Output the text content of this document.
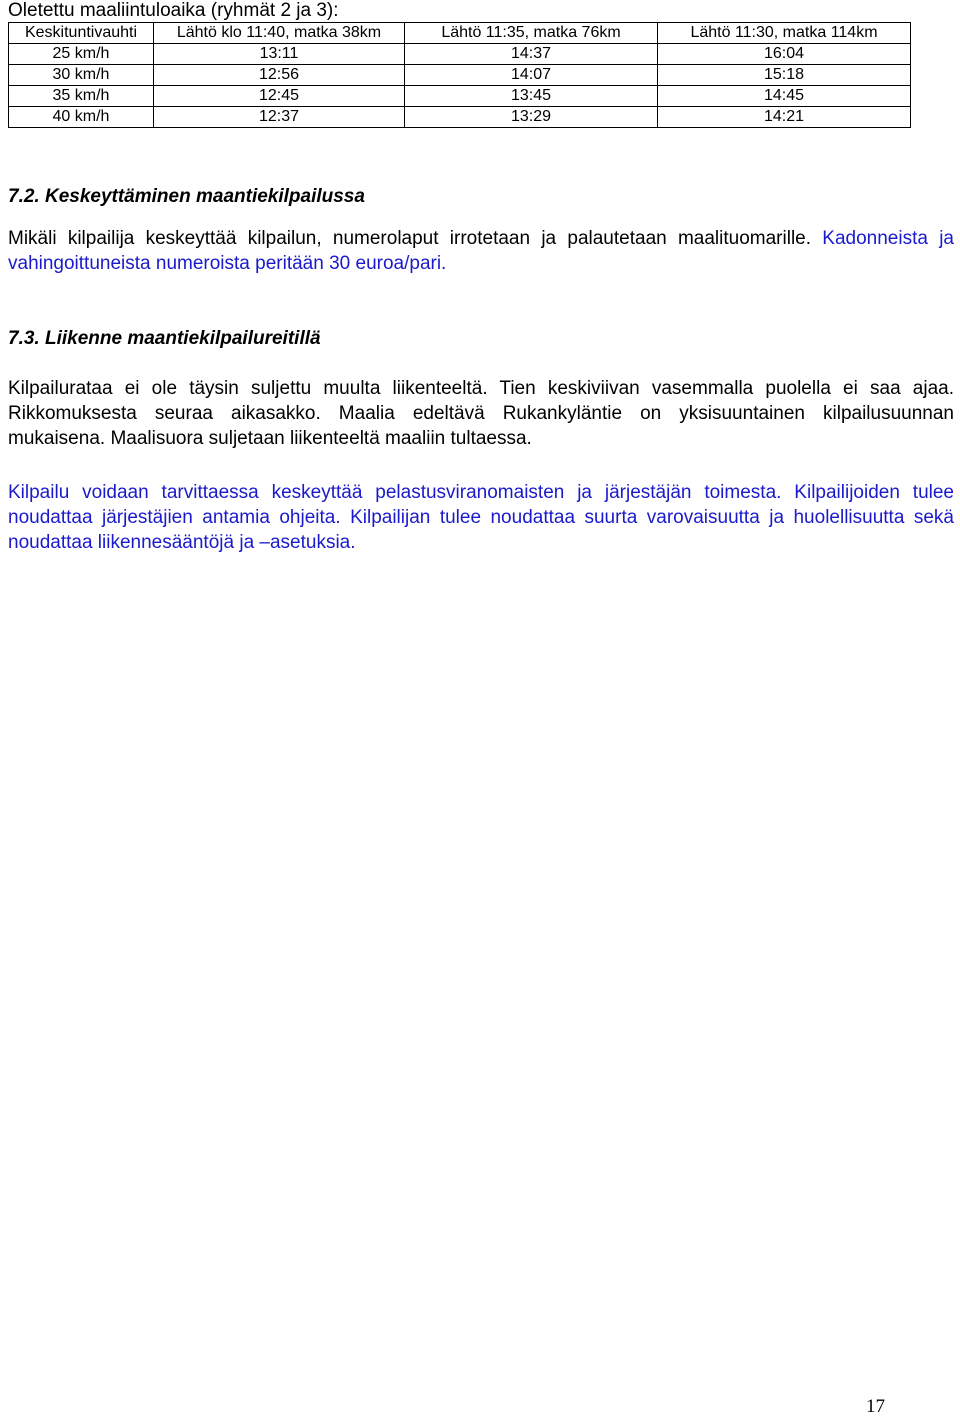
Oletettu maaliintuloaika (ryhmät 2 ja 3):
Keskituntivauhti	Lähtö klo 11:40, matka 38km	Lähtö 11:35, matka 76km	Lähtö 11:30, matka 114km
25 km/h	13:11	14:37	16:04
30 km/h	12:56	14:07	15:18
35 km/h	12:45	13:45	14:45
40 km/h	12:37	13:29	14:21
7.2. Keskeyttäminen maantiekilpailussa
Mikäli kilpailija keskeyttää kilpailun, numerolaput irrotetaan ja palautetaan maalituomarille. Kadonneista ja vahingoittuneista numeroista peritään 30 euroa/pari.
7.3. Liikenne maantiekilpailureitillä
Kilpailurataa ei ole täysin suljettu muulta liikenteeltä. Tien keskiviivan vasemmalla puolella ei saa ajaa. Rikkomuksesta seuraa aikasakko. Maalia edeltävä Rukankyläntie on yksisuuntainen kilpailusuunnan mukaisena. Maalisuora suljetaan liikenteeltä maaliin tultaessa.
Kilpailu voidaan tarvittaessa keskeyttää pelastusviranomaisten ja järjestäjän toimesta. Kilpailijoiden tulee noudattaa järjestäjien antamia ohjeita. Kilpailijan tulee noudattaa suurta varovaisuutta ja huolellisuutta sekä noudattaa liikennesääntöjä ja –asetuksia.
17
